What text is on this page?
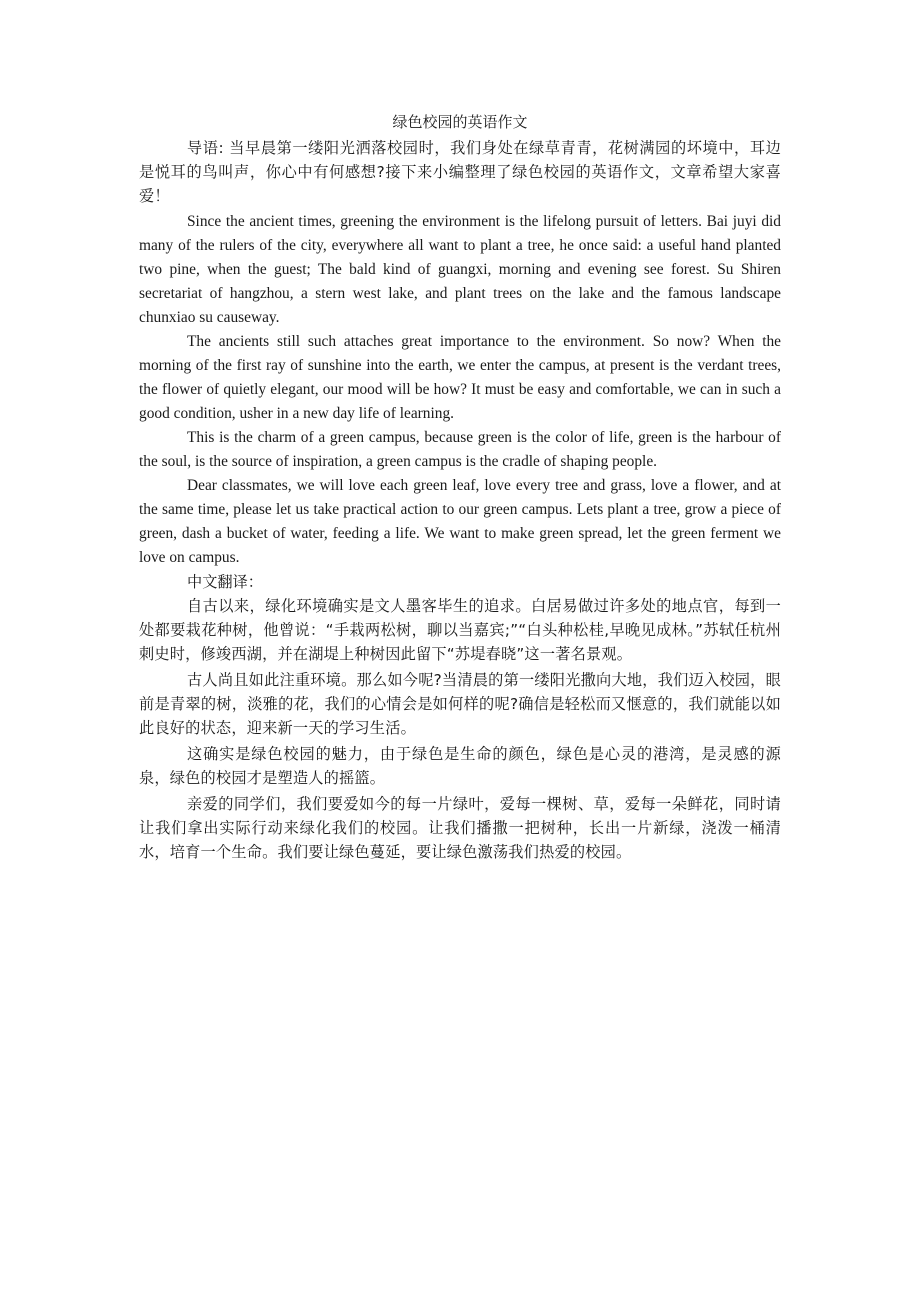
绿色校园的英语作文

导语: 当早晨第一缕阳光洒落校园时，我们身处在绿草青青，花树满园的坏境中，耳边是悦耳的鸟叫声，你心中有何感想?接下来小编整理了绿色校园的英语作文，文章希望大家喜爱！

Since the ancient times, greening the environment is the lifelong pursuit of letters. Bai juyi did many of the rulers of the city, everywhere all want to plant a tree, he once said: a useful hand planted two pine, when the guest; The bald kind of guangxi, morning and evening see forest. Su Shiren secretariat of hangzhou, a stern west lake, and plant trees on the lake and the famous landscape chunxiao su causeway.

The ancients still such attaches great importance to the environment. So now? When the morning of the first ray of sunshine into the earth, we enter the campus, at present is the verdant trees, the flower of quietly elegant, our mood will be how? It must be easy and comfortable, we can in such a good condition, usher in a new day life of learning.

This is the charm of a green campus, because green is the color of life, green is the harbour of the soul, is the source of inspiration, a green campus is the cradle of shaping people.

Dear classmates, we will love each green leaf, love every tree and grass, love a flower, and at the same time, please let us take practical action to our green campus. Lets plant a tree, grow a piece of green, dash a bucket of water, feeding a life. We want to make green spread, let the green ferment we love on campus.

中文翻译：

自古以来，绿化环境确实是文人墨客毕生的追求。白居易做过许多处的地点官，每到一处都要栽花种树，他曾说：“手栽两松树，聊以当嘉宾;”“白头种松桂,早晚见成林。”苏轼任杭州刺史时，修竣西湖，并在湖堤上种树因此留下“苏堤春晓”这一著名景观。

古人尚且如此注重环境。那么如今呢?当清晨的第一缕阳光撒向大地，我们迈入校园，眼前是青翠的树，淡雅的花，我们的心情会是如何样的呢?确信是轻松而又惬意的，我们就能以如此良好的状态，迎来新一天的学习生活。

这确实是绿色校园的魅力，由于绿色是生命的颜色，绿色是心灵的港湾，是灵感的源泉，绿色的校园才是塑造人的摇篮。

亲爱的同学们，我们要爱如今的每一片绿叶，爱每一棵树、草，爱每一朵鲜花，同时请让我们拿出实际行动来绿化我们的校园。让我们播撒一把树种，长出一片新绿，浇泼一桶清水，培育一个生命。我们要让绿色蔓延，要让绿色激荡我们热爱的校园。
